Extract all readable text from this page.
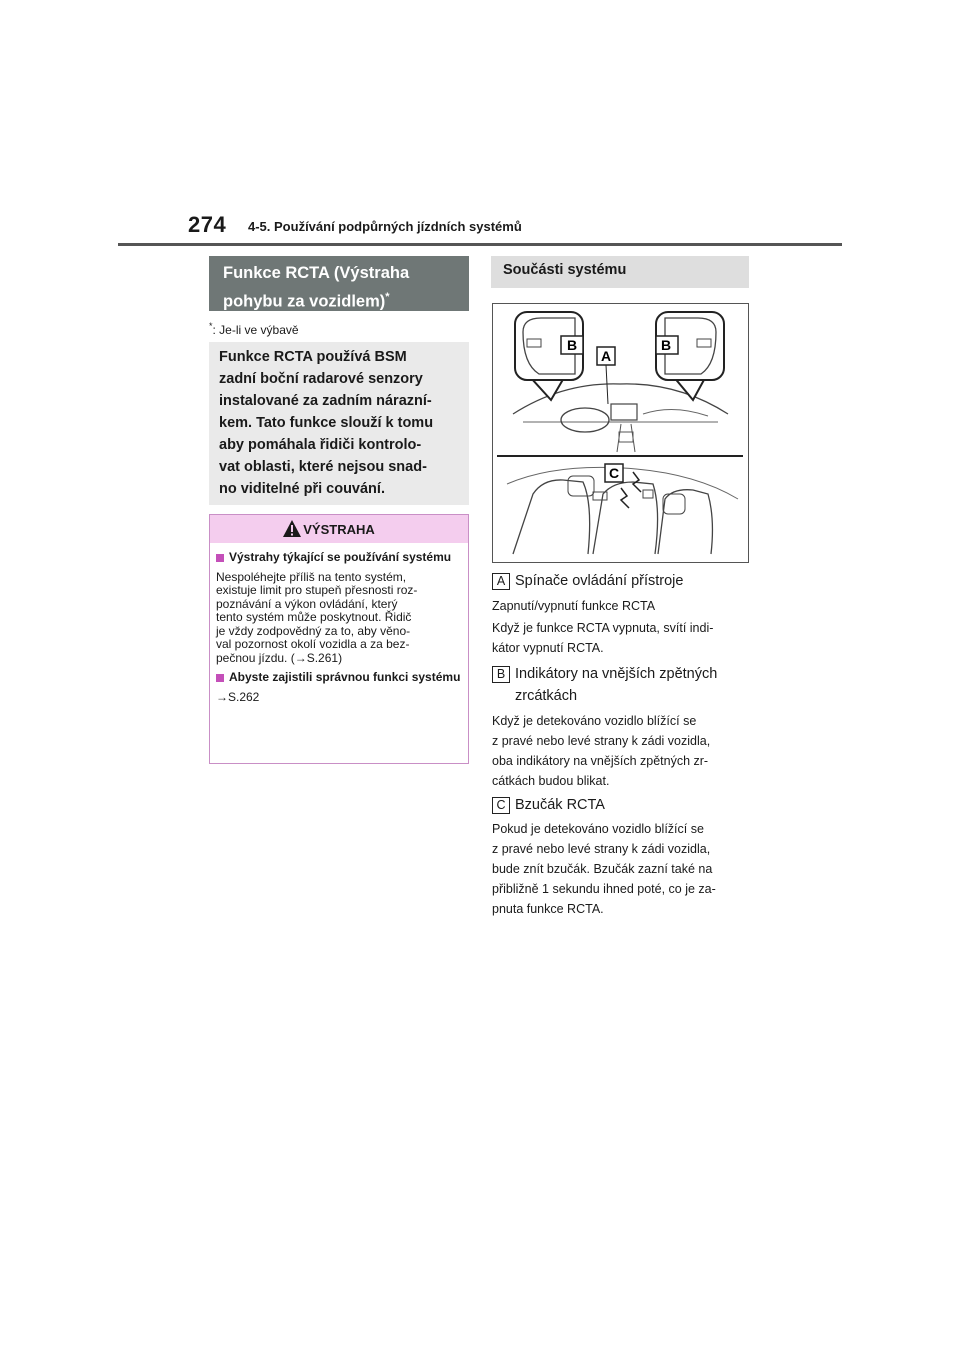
274 4-5. Používání podpůrných jízdních systémů
Funkce RCTA (Výstraha
pohybu za vozidlem)*
*: Je-li ve výbavě
Funkce RCTA používá BSM
zadní boční radarové senzory
instalované za zadním nárazní-
kem. Tato funkce slouží k tomu
aby pomáhala řidiči kontrolo-
vat oblasti, které nejsou snad-
no viditelné při couvání.
VÝSTRAHA
Výstrahy týkající se používání systému
Nespoléhejte příliš na tento systém,
existuje limit pro stupeň přesnosti roz-
poznávání a výkon ovládání, který
tento systém může poskytnout. Řidič
je vždy zodpovědný za to, aby věno-
val pozornost okolí vozidla a za bez-
pečnou jízdu. (→S.261)
Abyste zajistili správnou funkci systému
→S.262
Součásti systému
B
A
B
C
A Spínače ovládání přístroje
Zapnutí/vypnutí funkce RCTA
Když je funkce RCTA vypnuta, svítí indi-
kátor vypnutí RCTA.
B Indikátory na vnějších zpětných
zrcátkách
Když je detekováno vozidlo blížící se
z pravé nebo levé strany k zádi vozidla,
oba indikátory na vnějších zpětných zr-
cátkách budou blikat.
C Bzučák RCTA
Pokud je detekováno vozidlo blížící se
z pravé nebo levé strany k zádi vozidla,
bude znít bzučák. Bzučák zazní také na
přibližně 1 sekundu ihned poté, co je za-
pnuta funkce RCTA.
